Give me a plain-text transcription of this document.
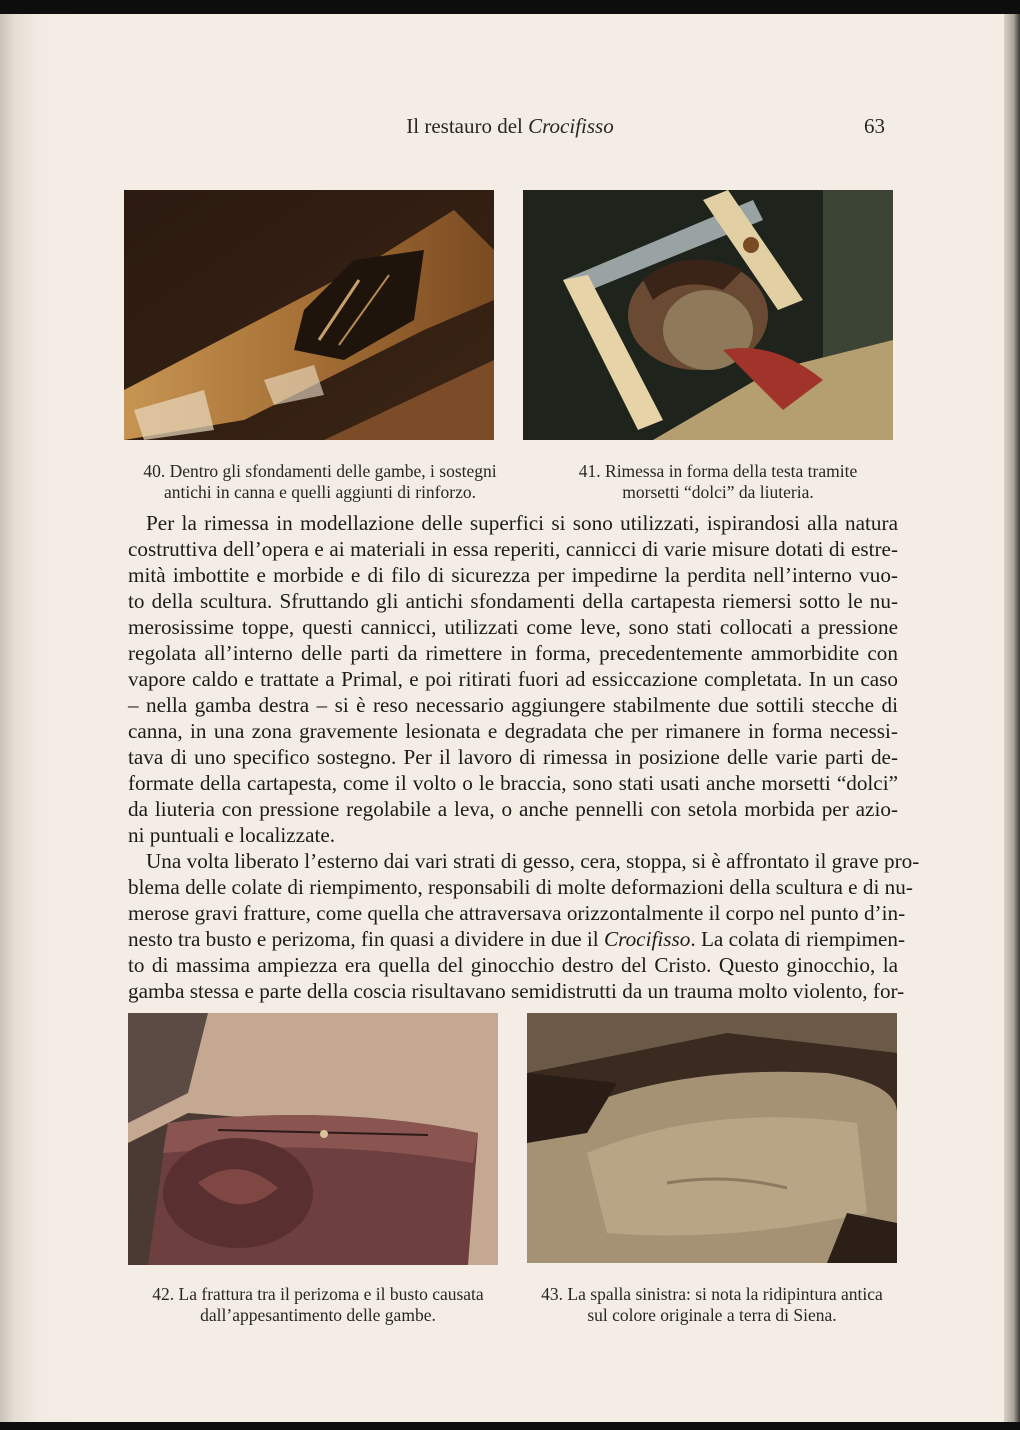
Il restauro del Crocifisso	63
40. Dentro gli sfondamenti delle gambe, i sostegni
antichi in canna e quelli aggiunti di rinforzo.
41. Rimessa in forma della testa tramite
morsetti “dolci” da liuteria.
42. La frattura tra il perizoma e il busto causata
dall’appesantimento delle gambe.
43. La spalla sinistra: si nota la ridipintura antica
sul colore originale a terra di Siena.
Per la rimessa in modellazione delle superfici si sono utilizzati, ispirandosi alla natura
costruttiva dell’opera e ai materiali in essa reperiti, cannicci di varie misure dotati di estre-
mità imbottite e morbide e di filo di sicurezza per impedirne la perdita nell’interno vuo-
to della scultura. Sfruttando gli antichi sfondamenti della cartapesta riemersi sotto le nu-
merosissime toppe, questi cannicci, utilizzati come leve, sono stati collocati a pressione
regolata all’interno delle parti da rimettere in forma, precedentemente ammorbidite con
vapore caldo e trattate a Primal, e poi ritirati fuori ad essiccazione completata. In un caso
– nella gamba destra – si è reso necessario aggiungere stabilmente due sottili stecche di
canna, in una zona gravemente lesionata e degradata che per rimanere in forma necessi-
tava di uno specifico sostegno. Per il lavoro di rimessa in posizione delle varie parti de-
formate della cartapesta, come il volto o le braccia, sono stati usati anche morsetti “dolci”
da liuteria con pressione regolabile a leva, o anche pennelli con setola morbida per azio-
ni puntuali e localizzate.
Una volta liberato l’esterno dai vari strati di gesso, cera, stoppa, si è affrontato il grave pro-
blema delle colate di riempimento, responsabili di molte deformazioni della scultura e di nu-
merose gravi fratture, come quella che attraversava orizzontalmente il corpo nel punto d’in-
nesto tra busto e perizoma, fin quasi a dividere in due il Crocifisso. La colata di riempimen-
to di massima ampiezza era quella del ginocchio destro del Cristo. Questo ginocchio, la
gamba stessa e parte della coscia risultavano semidistrutti da un trauma molto violento, for-
